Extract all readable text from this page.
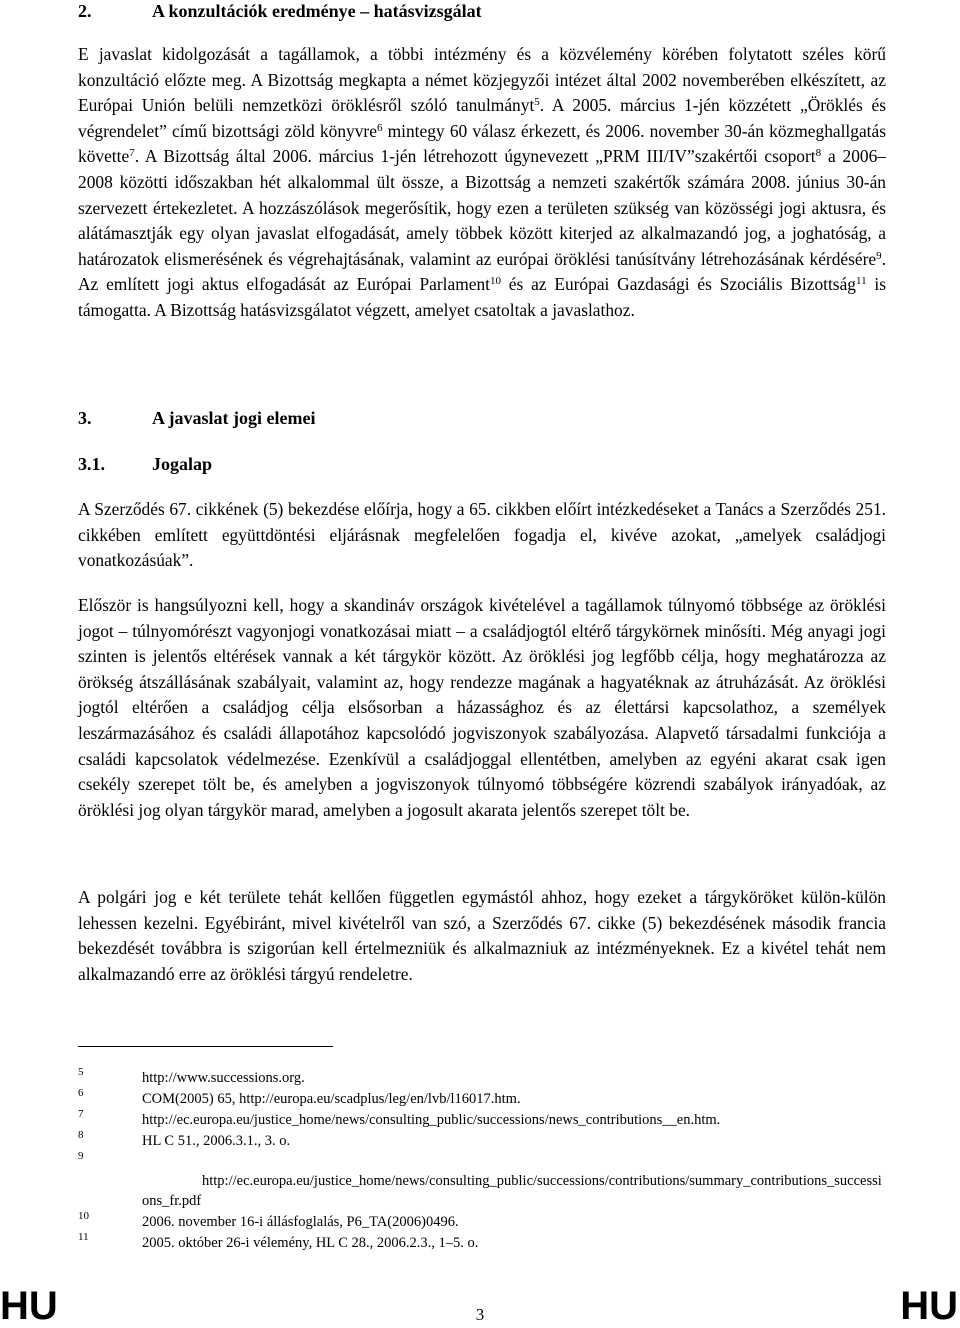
2.	A konzultációk eredménye – hatásvizsgálat

E javaslat kidolgozását a tagállamok, a többi intézmény és a közvélemény körében folytatott széles körű konzultáció előzte meg. A Bizottság megkapta a német közjegyzői intézet által 2002 novemberében elkészített, az Európai Unión belüli nemzetközi öröklésről szóló tanulmányt$^5$. A 2005. március 1-jén közzétett „Öröklés és végrendelet” című bizottsági zöld könyvre$^6$ mintegy 60 válasz érkezett, és 2006. november 30-án közmeghallgatás követte$^7$. A Bizottság által 2006. március 1-jén létrehozott úgynevezett „PRM III/IV”szakértői csoport$^8$ a 2006–2008 közötti időszakban hét alkalommal ült össze, a Bizottság a nemzeti szakértők számára 2008. június 30-án szervezett értekezletet. A hozzászólások megerősítik, hogy ezen a területen szükség van közösségi jogi aktusra, és alátámasztják egy olyan javaslat elfogadását, amely többek között kiterjed az alkalmazandó jog, a joghatóság, a határozatok elismerésének és végrehajtásának, valamint az európai öröklési tanúsítvány létrehozásának kérdésére$^9$. Az említett jogi aktus elfogadását az Európai Parlament$^{10}$ és az Európai Gazdasági és Szociális Bizottság$^{11}$ is támogatta. A Bizottság hatásvizsgálatot végzett, amelyet csatoltak a javaslathoz.

3.	A javaslat jogi elemei
3.1.	Jogalap

A Szerződés 67. cikkének (5) bekezdése előírja, hogy a 65. cikkben előírt intézkedéseket a Tanács a Szerződés 251. cikkében említett együttdöntési eljárásnak megfelelően fogadja el, kivéve azokat, „amelyek családjogi vonatkozásúak”.

Először is hangsúlyozni kell, hogy a skandináv országok kivételével a tagállamok túlnyomó többsége az öröklési jogot – túlnyomórészt vagyonjogi vonatkozásai miatt – a családjogtól eltérő tárgykörnek minősíti. Még anyagi jogi szinten is jelentős eltérések vannak a két tárgykör között. Az öröklési jog legfőbb célja, hogy meghatározza az örökség átszállásának szabályait, valamint az, hogy rendezze magának a hagyatéknak az átruházását. Az öröklési jogtól eltérően a családjog célja elsősorban a házassághoz és az élettársi kapcsolathoz, a személyek leszármazásához és családi állapotához kapcsolódó jogviszonyok szabályozása. Alapvető társadalmi funkciója a családi kapcsolatok védelmezése. Ezenkívül a családjoggal ellentétben, amelyben az egyéni akarat csak igen csekély szerepet tölt be, és amelyben a jogviszonyok túlnyomó többségére közrendi szabályok irányadóak, az öröklési jog olyan tárgykör marad, amelyben a jogosult akarata jelentős szerepet tölt be.

A polgári jog e két területe tehát kellően független egymástól ahhoz, hogy ezeket a tárgyköröket külön-külön lehessen kezelni. Egyébiránt, mivel kivételről van szó, a Szerződés 67. cikke (5) bekezdésének második francia bekezdését továbbra is szigorúan kell értelmezniük és alkalmazniuk az intézményeknek. Ez a kivétel tehát nem alkalmazandó erre az öröklési tárgyú rendeletre.

5	http://www.successions.org.
6	COM(2005) 65, http://europa.eu/scadplus/leg/en/lvb/l16017.htm.
7	http://ec.europa.eu/justice_home/news/consulting_public/successions/news_contributions__en.htm.
8	HL C 51., 2006.3.1., 3. o.
9
http://ec.europa.eu/justice_home/news/consulting_public/successions/contributions/summary_contributions_successions_fr.pdf
10	2006. november 16-i állásfoglalás, P6_TA(2006)0496.
11	2005. október 26-i vélemény, HL C 28., 2006.2.3., 1–5. o.
HU	3	HU
